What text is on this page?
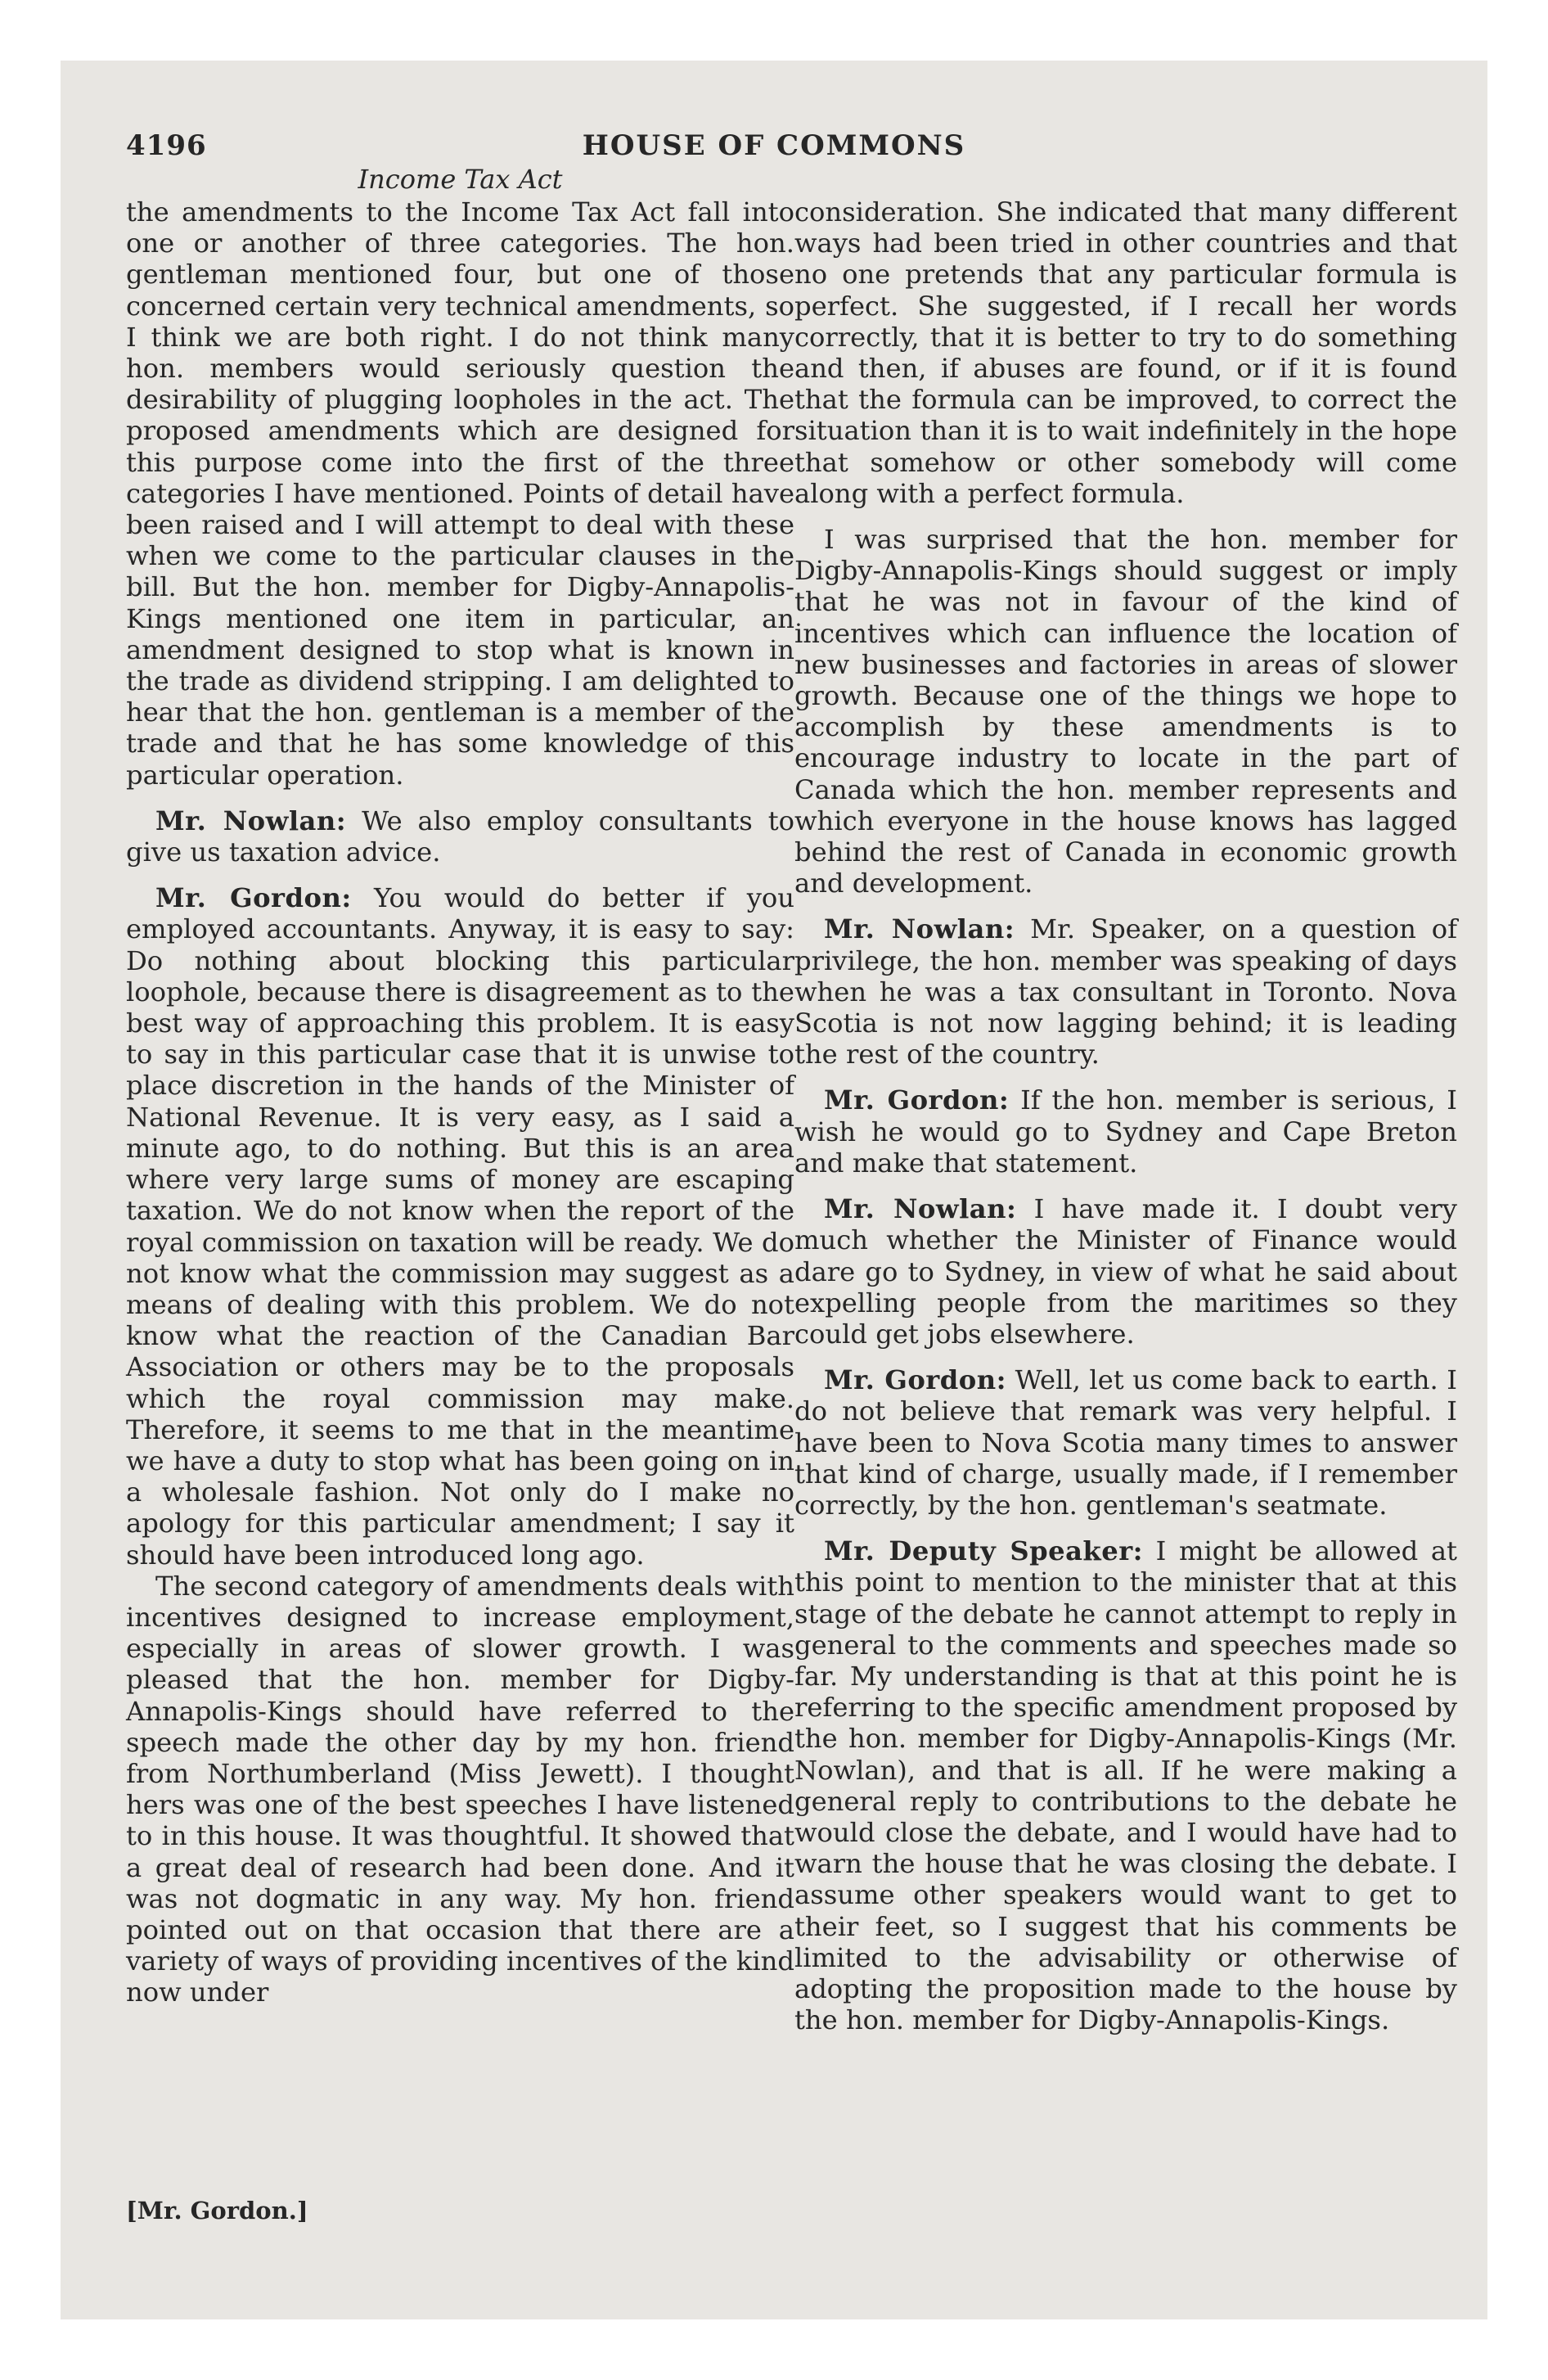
4196	HOUSE OF COMMONS
Income Tax Act

the amendments to the Income Tax Act fall into one or another of three categories. The hon. gentleman mentioned four, but one of those concerned certain very technical amendments, so I think we are both right. I do not think many hon. members would seriously question the desirability of plugging loopholes in the act. The proposed amendments which are designed for this purpose come into the first of the three categories I have mentioned. Points of detail have been raised and I will attempt to deal with these when we come to the particular clauses in the bill. But the hon. member for Digby-Annapolis-Kings mentioned one item in particular, an amendment designed to stop what is known in the trade as dividend stripping. I am delighted to hear that the hon. gentleman is a member of the trade and that he has some knowledge of this particular operation.

Mr. Nowlan: We also employ consultants to give us taxation advice.

Mr. Gordon: You would do better if you employed accountants. Anyway, it is easy to say: Do nothing about blocking this particular loophole, because there is disagreement as to the best way of approaching this problem. It is easy to say in this particular case that it is unwise to place discretion in the hands of the Minister of National Revenue. It is very easy, as I said a minute ago, to do nothing. But this is an area where very large sums of money are escaping taxation. We do not know when the report of the royal commission on taxation will be ready. We do not know what the commission may suggest as a means of dealing with this problem. We do not know what the reaction of the Canadian Bar Association or others may be to the proposals which the royal commission may make. Therefore, it seems to me that in the meantime we have a duty to stop what has been going on in a wholesale fashion. Not only do I make no apology for this particular amendment; I say it should have been introduced long ago.

The second category of amendments deals with incentives designed to increase employment, especially in areas of slower growth. I was pleased that the hon. member for Digby-Annapolis-Kings should have referred to the speech made the other day by my hon. friend from Northumberland (Miss Jewett). I thought hers was one of the best speeches I have listened to in this house. It was thoughtful. It showed that a great deal of research had been done. And it was not dogmatic in any way. My hon. friend pointed out on that occasion that there are a variety of ways of providing incentives of the kind now under

consideration. She indicated that many different ways had been tried in other countries and that no one pretends that any particular formula is perfect. She suggested, if I recall her words correctly, that it is better to try to do something and then, if abuses are found, or if it is found that the formula can be improved, to correct the situation than it is to wait indefinitely in the hope that somehow or other somebody will come along with a perfect formula.

I was surprised that the hon. member for Digby-Annapolis-Kings should suggest or imply that he was not in favour of the kind of incentives which can influence the location of new businesses and factories in areas of slower growth. Because one of the things we hope to accomplish by these amendments is to encourage industry to locate in the part of Canada which the hon. member represents and which everyone in the house knows has lagged behind the rest of Canada in economic growth and development.

Mr. Nowlan: Mr. Speaker, on a question of privilege, the hon. member was speaking of days when he was a tax consultant in Toronto. Nova Scotia is not now lagging behind; it is leading the rest of the country.

Mr. Gordon: If the hon. member is serious, I wish he would go to Sydney and Cape Breton and make that statement.

Mr. Nowlan: I have made it. I doubt very much whether the Minister of Finance would dare go to Sydney, in view of what he said about expelling people from the maritimes so they could get jobs elsewhere.

Mr. Gordon: Well, let us come back to earth. I do not believe that remark was very helpful. I have been to Nova Scotia many times to answer that kind of charge, usually made, if I remember correctly, by the hon. gentleman's seatmate.

Mr. Deputy Speaker: I might be allowed at this point to mention to the minister that at this stage of the debate he cannot attempt to reply in general to the comments and speeches made so far. My understanding is that at this point he is referring to the specific amendment proposed by the hon. member for Digby-Annapolis-Kings (Mr. Nowlan), and that is all. If he were making a general reply to contributions to the debate he would close the debate, and I would have had to warn the house that he was closing the debate. I assume other speakers would want to get to their feet, so I suggest that his comments be limited to the advisability or otherwise of adopting the proposition made to the house by the hon. member for Digby-Annapolis-Kings.

[Mr. Gordon.]
